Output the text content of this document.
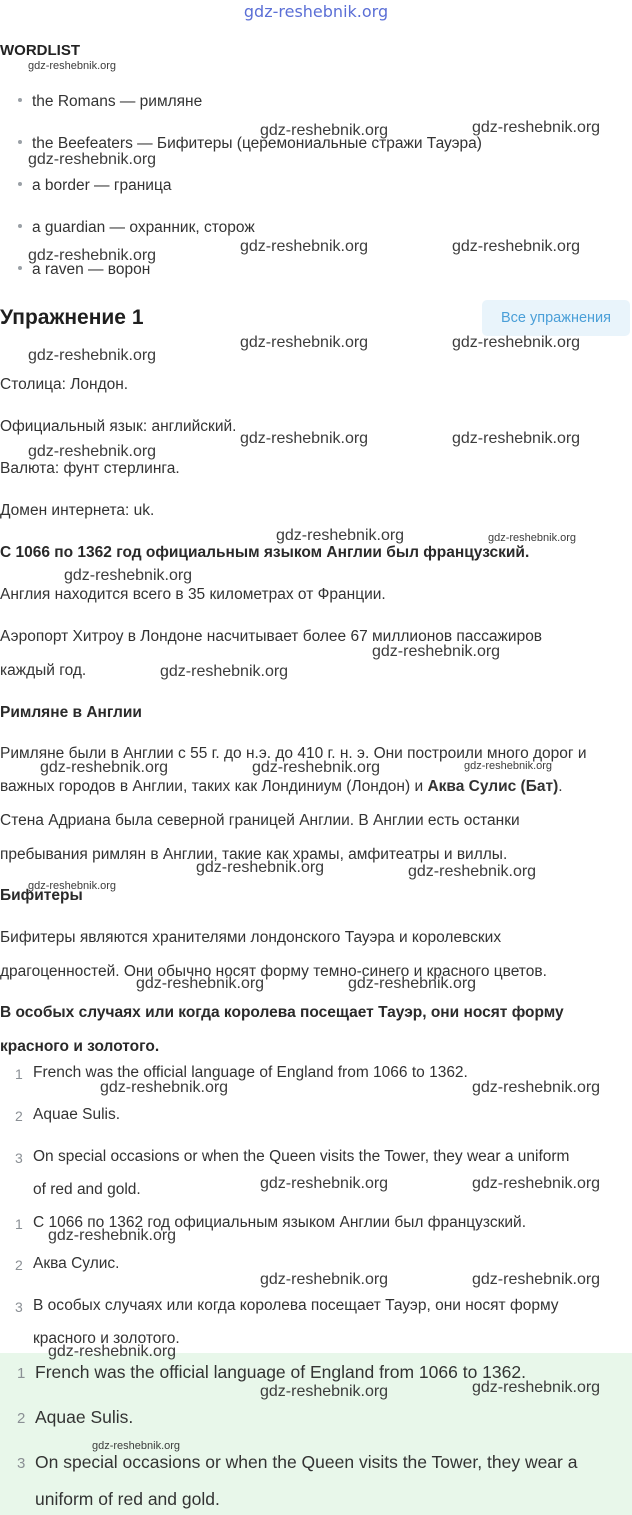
gdz-reshebnik.org
WORDLIST
the Romans — римляне
the Beefeaters — Бифитеры (церемониальные стражи Тауэра)
a border — граница
a guardian — охранник, сторож
a raven — ворон
Упражнение 1	Все упражнения
Столица: Лондон.
Официальный язык: английский.
Валюта: фунт стерлинга.
Домен интернета: uk.
С 1066 по 1362 год официальным языком Англии был французский.
Англия находится всего в 35 километрах от Франции.
Аэропорт Хитроу в Лондоне насчитывает более 67 миллионов пассажиров
каждый год.
Римляне в Англии
Римляне были в Англии с 55 г. до н.э. до 410 г. н. э. Они построили много дорог и
важных городов в Англии, таких как Лондиниум (Лондон) и Аква Сулис (Бат).
Стена Адриана была северной границей Англии. В Англии есть останки
пребывания римлян в Англии, такие как храмы, амфитеатры и виллы.
Бифитеры
Бифитеры являются хранителями лондонского Тауэра и королевских
драгоценностей. Они обычно носят форму темно-синего и красного цветов.
В особых случаях или когда королева посещает Тауэр, они носят форму
красного и золотого.
1 French was the official language of England from 1066 to 1362.
2 Aquae Sulis.
3 On special occasions or when the Queen visits the Tower, they wear a uniform
of red and gold.
1 С 1066 по 1362 год официальным языком Англии был французский.
2 Аква Сулис.
3 В особых случаях или когда королева посещает Тауэр, они носят форму
красного и золотого.
1 French was the official language of England from 1066 to 1362.
2 Aquae Sulis.
3 On special occasions or when the Queen visits the Tower, they wear a
uniform of red and gold.
gdz-reshebnik.org
gdz-reshebnik.org	gdz-reshebnik.org
gdz-reshebnik.org
gdz-reshebnik.org	gdz-reshebnik.org
gdz-reshebnik.org
gdz-reshebnik.org	gdz-reshebnik.org
gdz-reshebnik.org
gdz-reshebnik.org	gdz-reshebnik.org
gdz-reshebnik.org
gdz-reshebnik.org	gdz-reshebnik.org
gdz-reshebnik.org
gdz-reshebnik.org
gdz-reshebnik.org
gdz-reshebnik.org	gdz-reshebnik.org	gdz-reshebnik.org
gdz-reshebnik.org	gdz-reshebnik.org
gdz-reshebnik.org
gdz-reshebnik.org	gdz-reshebnik.org
gdz-reshebnik.org	gdz-reshebnik.org
gdz-reshebnik.org	gdz-reshebnik.org
gdz-reshebnik.org
gdz-reshebnik.org	gdz-reshebnik.org
gdz-reshebnik.org
gdz-reshebnik.org
gdz-reshebnik.org
gdz-reshebnik.org
